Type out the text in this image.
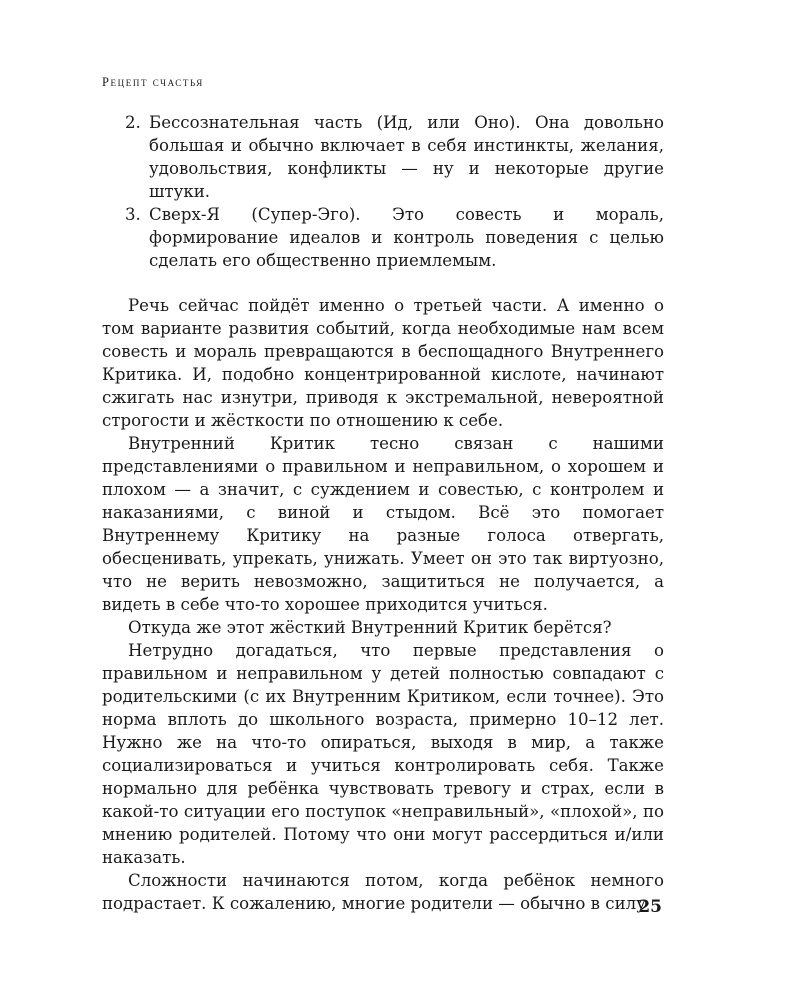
Рецепт счастья
2. Бессознательная часть (Ид, или Оно). Она довольно большая и обычно включает в себя инстинкты, желания, удовольствия, конфликты — ну и некоторые другие штуки.
3. Сверх-Я (Супер-Эго). Это совесть и мораль, формирование идеалов и контроль поведения с целью сделать его общественно приемлемым.

Речь сейчас пойдёт именно о третьей части. А именно о том варианте развития событий, когда необходимые нам всем совесть и мораль превращаются в беспощадного Внутреннего Критика. И, подобно концентрированной кислоте, начинают сжигать нас изнутри, приводя к экстремальной, невероятной строгости и жёсткости по отношению к себе.

Внутренний Критик тесно связан с нашими представлениями о правильном и неправильном, о хорошем и плохом — а значит, с суждением и совестью, с контролем и наказаниями, с виной и стыдом. Всё это помогает Внутреннему Критику на разные голоса отвергать, обесценивать, упрекать, унижать. Умеет он это так виртуозно, что не верить невозможно, защититься не получается, а видеть в себе что-то хорошее приходится учиться.

Откуда же этот жёсткий Внутренний Критик берётся?

Нетрудно догадаться, что первые представления о правильном и неправильном у детей полностью совпадают с родительскими (с их Внутренним Критиком, если точнее). Это норма вплоть до школьного возраста, примерно 10–12 лет. Нужно же на что-то опираться, выходя в мир, а также социализироваться и учиться контролировать себя. Также нормально для ребёнка чувствовать тревогу и страх, если в какой-то ситуации его поступок «неправильный», «плохой», по мнению родителей. Потому что они могут рассердиться и/или наказать.

Сложности начинаются потом, когда ребёнок немного подрастает. К сожалению, многие родители — обычно в силу

25
